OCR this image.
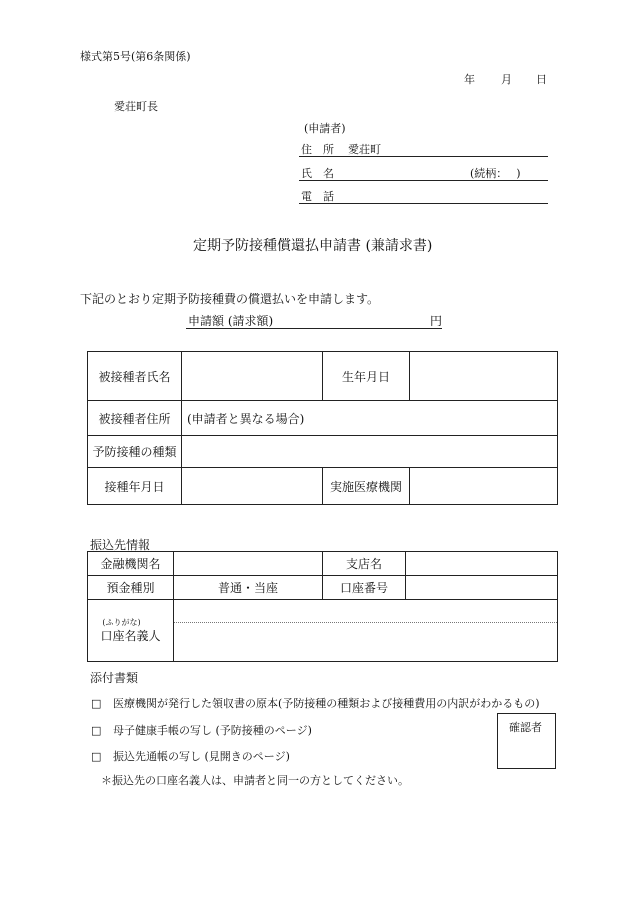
様式第5号(第6条関係)
年 月 日
愛荘町長
(申請者)
住　所 愛荘町
氏　名	(続柄：　 )
電　話
定期予防接種償還払申請書 (兼請求書)
下記のとおり定期予防接種費の償還払いを申請します。
申請額 (請求額)	円
被接種者氏名		生年月日	
被接種者住所	(申請者と異なる場合)		
予防接種の種類			
接種年月日		実施医療機関	
振込先情報
金融機関名		支店名	
預金種別	普通・当座	口座番号	

(ふりがな)
口座名義人			
添付書類
□ 医療機関が発行した領収書の原本(予防接種の種類および接種費用の内訳がわかるもの)
□ 母子健康手帳の写し (予防接種のページ)
□ 振込先通帳の写し (見開きのページ)
＊振込先の口座名義人は、申請者と同一の方としてください。
確認者
